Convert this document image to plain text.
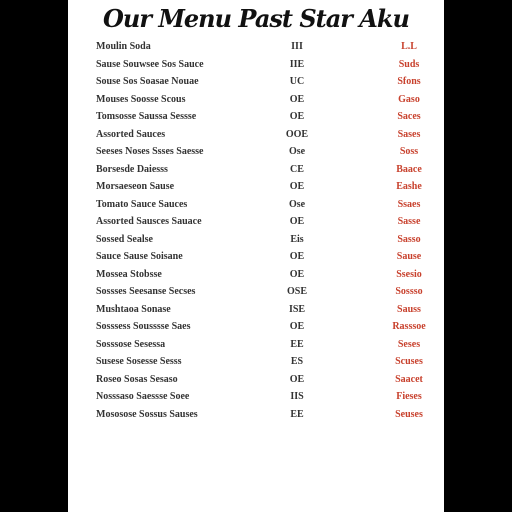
Our Menu Past Star Aku
Moulin Soda	III	L.L
Sause Souwsee Sos Sauce	IIE	Suds
Souse Sos Soasae Nouae	UC	Sfons
Mouses Soosse Scous	OE	Gaso
Tomsosse Saussa Sessse	OE	Saces
Assorted Sauces	OOE	Sases
Seeses Noses Ssses Saesse	Ose	Soss
Borsesde Daiesss	CE	Baace
Morsaeseon Sause	OE	Eashe
Tomato Sauce Sauces	Ose	Ssaes
Assorted Sausces Sauace	OE	Sasse
Sossed Sealse	Eis	Sasso
Sauce Sause Soisane	OE	Sause
Mossea Stobsse	OE	Ssesio
Sossses Seesanse Secses	OSE	Sossso
Mushtaoa Sonase	ISE	Sauss
Sosssess Sousssse Saes	OE	Rasssoe
Sosssose Sesessa	EE	Seses
Susese Sosesse Sesss	ES	Scuses
Roseo Sosas Sesaso	OE	Saacet
Nosssaso Saessse Soee	IIS	Fieses
Mososose Sossus Sauses	EE	Seuses
